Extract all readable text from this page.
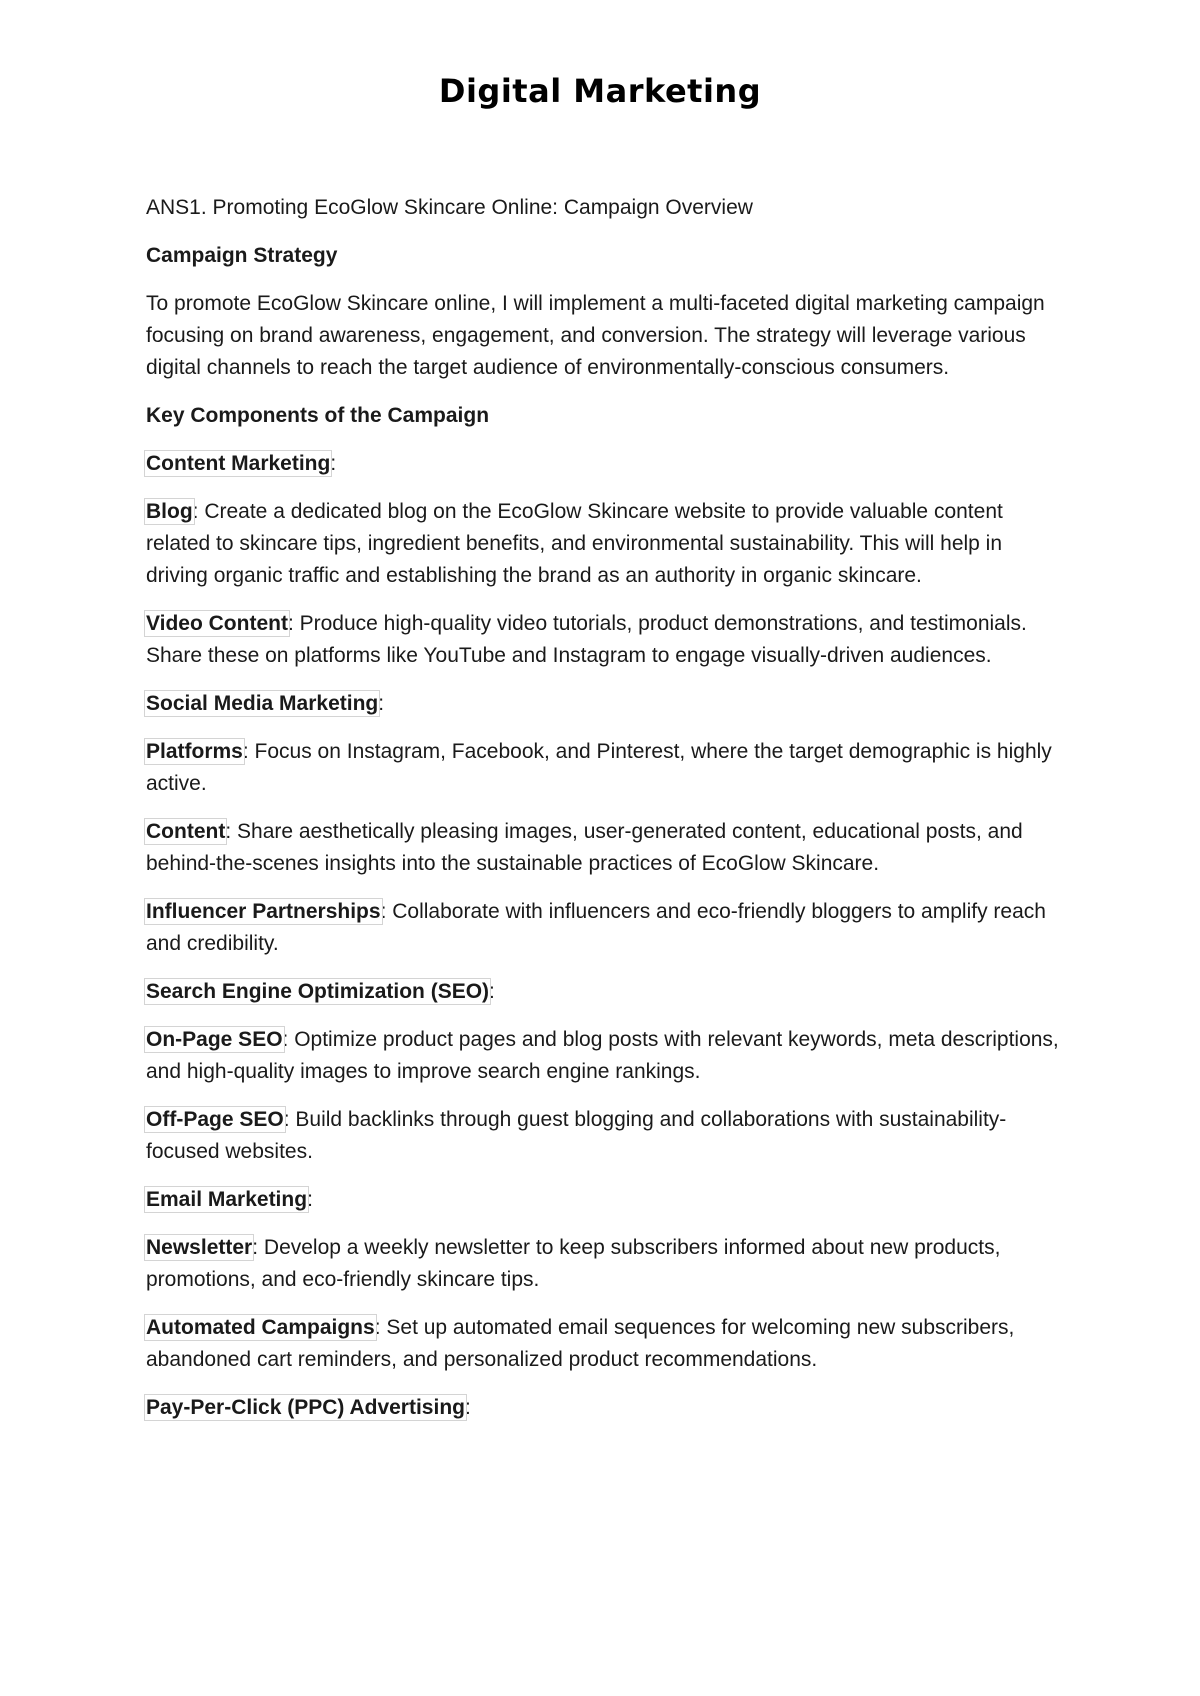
Digital Marketing

ANS1. Promoting EcoGlow Skincare Online: Campaign Overview

Campaign Strategy

To promote EcoGlow Skincare online, I will implement a multi-faceted digital marketing campaign focusing on brand awareness, engagement, and conversion. The strategy will leverage various digital channels to reach the target audience of environmentally-conscious consumers.

Key Components of the Campaign

Content Marketing:

Blog: Create a dedicated blog on the EcoGlow Skincare website to provide valuable content related to skincare tips, ingredient benefits, and environmental sustainability. This will help in driving organic traffic and establishing the brand as an authority in organic skincare.

Video Content: Produce high-quality video tutorials, product demonstrations, and testimonials. Share these on platforms like YouTube and Instagram to engage visually-driven audiences.

Social Media Marketing:

Platforms: Focus on Instagram, Facebook, and Pinterest, where the target demographic is highly active.

Content: Share aesthetically pleasing images, user-generated content, educational posts, and behind-the-scenes insights into the sustainable practices of EcoGlow Skincare.

Influencer Partnerships: Collaborate with influencers and eco-friendly bloggers to amplify reach and credibility.

Search Engine Optimization (SEO):

On-Page SEO: Optimize product pages and blog posts with relevant keywords, meta descriptions, and high-quality images to improve search engine rankings.

Off-Page SEO: Build backlinks through guest blogging and collaborations with sustainability-focused websites.

Email Marketing:

Newsletter: Develop a weekly newsletter to keep subscribers informed about new products, promotions, and eco-friendly skincare tips.

Automated Campaigns: Set up automated email sequences for welcoming new subscribers, abandoned cart reminders, and personalized product recommendations.

Pay-Per-Click (PPC) Advertising:
